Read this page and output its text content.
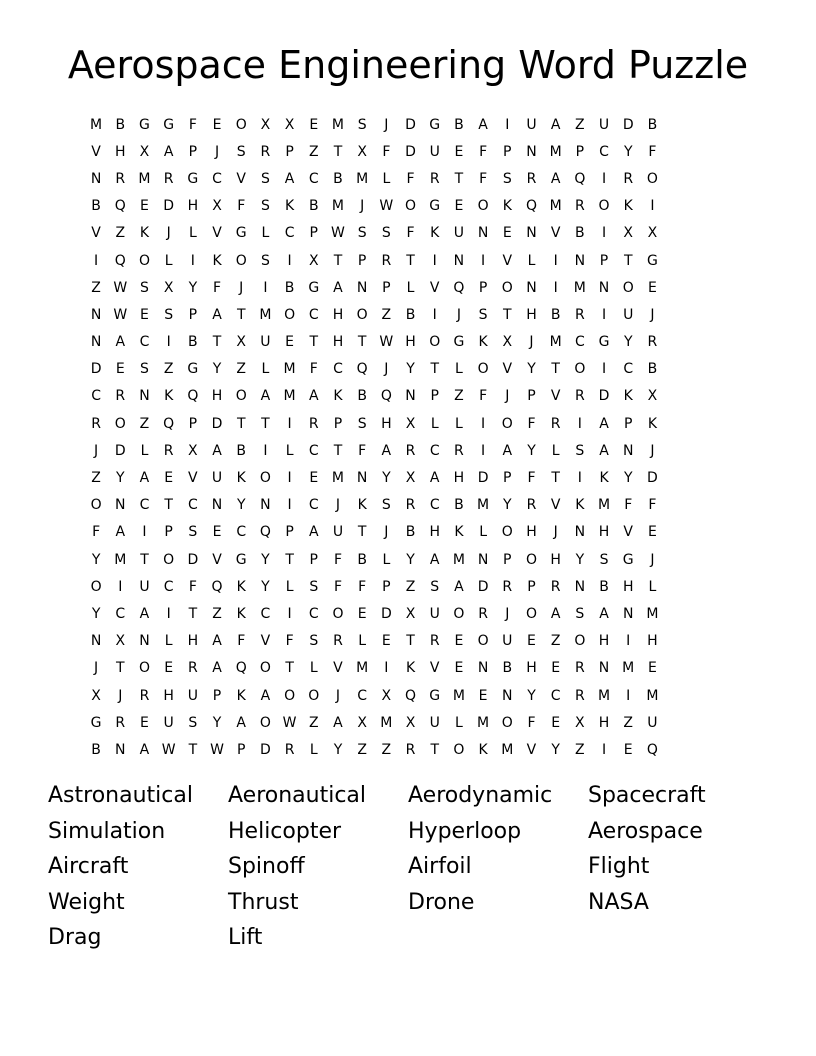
Aerospace Engineering Word Puzzle
M B G G	F	E	O X	X	E M S	J	D G B	A	I	U	A	Z	U D B
V	H	X	A	P	J	S	R	P	Z	T	X	F	D U	E	F	P	N M P	C	Y	F
N	R M R G C	V	S	A	C	B M	L	F	R	T	F	S	R	A Q	I	R O
B Q	E	D H	X	F	S	K	B M	J	W O G	E	O	K	Q M R O	K	I
V	Z	K	J	L	V G	L	C	P W S	S	F	K	U N	E	N	V	B	I	X	X
I	Q O	L	I	K	O	S	I	X	T	P	R	T	I	N	I	V	L	I	N	P	T	G
Z W S	X	Y	F	J	I	B G A	N	P	L	V Q	P	O N	I	M N O	E
N W E	S	P	A	T M O C	H O Z	B	I	J	S	T	H	B	R	I	U	J
N	A	C	I	B	T	X	U	E	T	H	T W H O G	K	X	J	M C G	Y	R
D	E	S	Z G	Y	Z	L	M	F	C Q	J	Y	T	L	O V	Y	T	O	I	C	B
C	R	N	K	Q H O A M A	K	B Q N	P	Z	F	J	P	V	R D	K	X
R O Z Q	P	D	T	T	I	R	P	S	H	X	L	L	I	O	F	R	I	A	P	K
J	D	L	R	X	A	B	I	L	C	T	F	A	R	C	R	I	A	Y	L	S	A	N	J
Z	Y	A	E	V	U	K	O	I	E M N	Y	X	A	H D	P	F	T	I	K	Y	D
O N	C	T	C	N	Y	N	I	C	J	K	S	R	C	B M Y	R	V	K M	F	F
F	A	I	P	S	E	C Q	P	A	U	T	J	B	H	K	L	O H	J	N H	V	E
Y M T	O D	V G	Y	T	P	F	B	L	Y	A M N	P	O H	Y	S	G	J
O	I	U	C	F	Q	K	Y	L	S	F	F	P	Z	S	A	D R	P	R	N	B	H	L
Y	C	A	I	T	Z	K	C	I	C O	E	D	X	U O R	J	O A	S	A	N M
N	X	N	L	H	A	F	V	F	S	R	L	E	T	R	E	O U	E	Z O H	I	H
J	T	O	E	R	A Q O	T	L	V M	I	K	V	E	N	B	H	E	R	N M E
X	J	R	H U	P	K	A O O	J	C	X Q G M E	N	Y	C	R M	I	M
G R	E	U	S	Y	A O W Z	A	X M X	U	L	M O	F	E	X	H	Z	U
B	N	A W T W P	D R	L	Y	Z	Z	R	T	O	K M V	Y	Z	I	E	Q
Astronautical	Aeronautical	Aerodynamic	Spacecraft
Simulation	Helicopter	Hyperloop	Aerospace
Aircraft	Spinoff	Airfoil	Flight
Weight	Thrust	Drone	NASA
Drag	Lift
